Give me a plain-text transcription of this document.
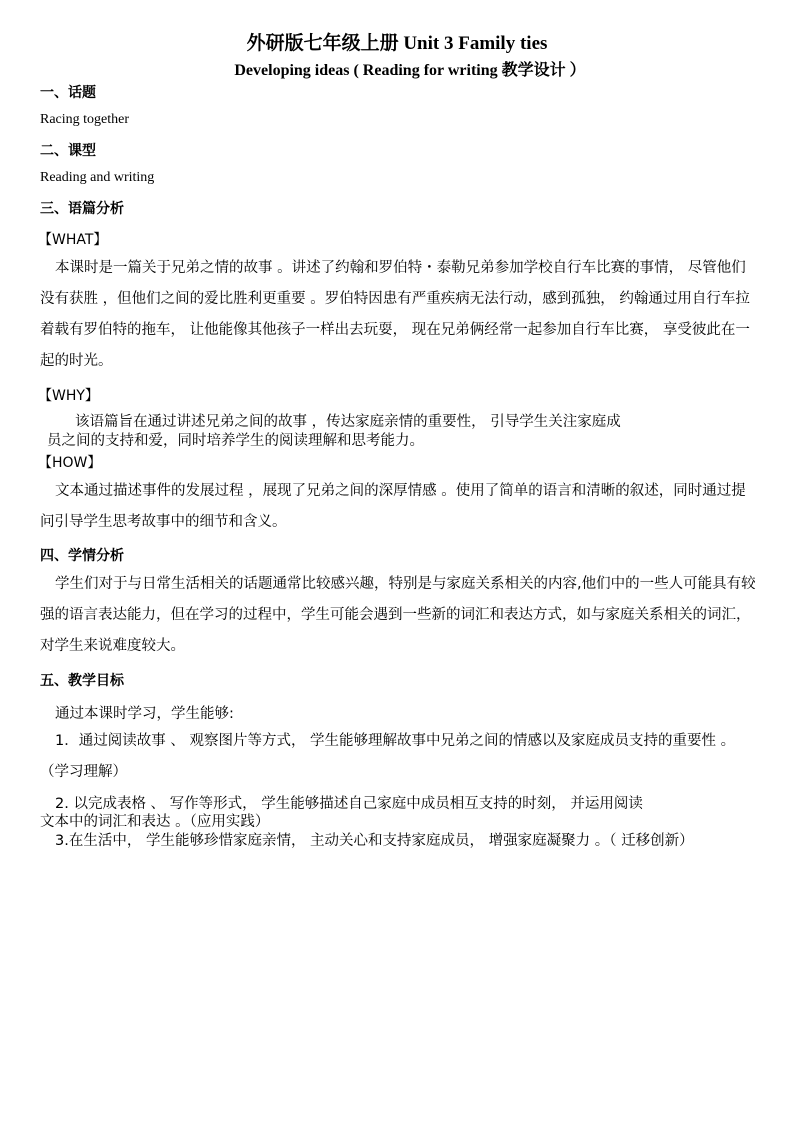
外研版七年级上册 Unit 3 Family ties
Developing ideas ( Reading for writing 教学设计 ）
一、话题
Racing together
二、课型
Reading and writing
三、语篇分析
【WHAT】

本课时是一篇关于兄弟之情的故事 。讲述了约翰和罗伯特・泰勒兄弟参加学校自行车比赛的事情， 尽管他们没有获胜 ，但他们之间的爱比胜利更重要 。罗伯特因患有严重疾病无法行动，感到孤独， 约翰通过用自行车拉着载有罗伯特的拖车， 让他能像其他孩子一样出去玩耍， 现在兄弟俩经常一起参加自行车比赛， 享受彼此在一起的时光。

【WHY】
该语篇旨在通过讲述兄弟之间的故事 ，传达家庭亲情的重要性， 引导学生关注家庭成
员之间的支持和爱，同时培养学生的阅读理解和思考能力。
【HOW】

文本通过描述事件的发展过程 ，展现了兄弟之间的深厚情感 。使用了简单的语言和清晰的叙述，同时通过提问引导学生思考故事中的细节和含义。

四、学情分析

学生们对于与日常生活相关的话题通常比较感兴趣，特别是与家庭关系相关的内容,他们中的一些人可能具有较强的语言表达能力，但在学习的过程中，学生可能会遇到一些新的词汇和表达方式，如与家庭关系相关的词汇，对学生来说难度较大。

五、教学目标
通过本课时学习，学生能够:

1．通过阅读故事 、 观察图片等方式， 学生能够理解故事中兄弟之间的情感以及家庭成员支持的重要性 。（学习理解）

2. 以完成表格 、 写作等形式， 学生能够描述自己家庭中成员相互支持的时刻， 并运用阅读
文本中的词汇和表达 。（应用实践）

3.在生活中， 学生能够珍惜家庭亲情， 主动关心和支持家庭成员， 增强家庭凝聚力 。（ 迁移创新）
